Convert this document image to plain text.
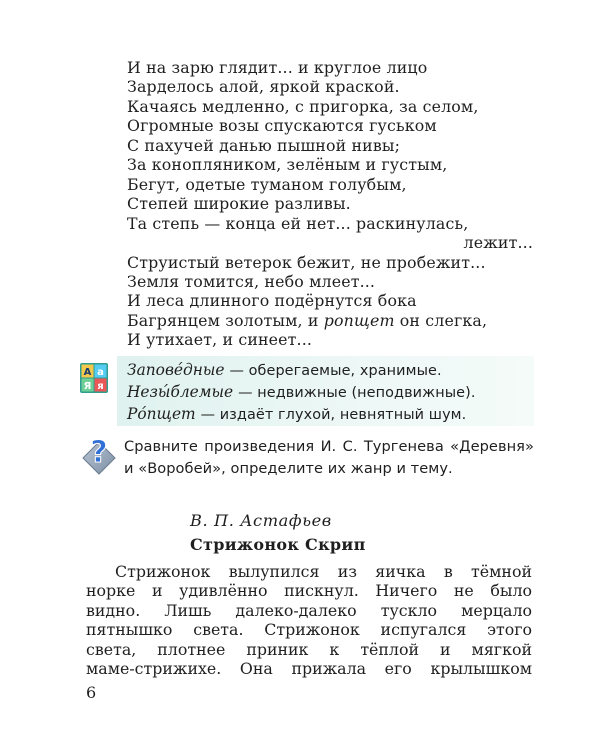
И на зарю глядит... и круглое лицо
Зарделось алой, яркой краской.
Качаясь медленно, с пригорка, за селом,
Огромные возы спускаются гуськом
С пахучей данью пышной нивы;
За конопляником, зелёным и густым,
Бегут, одетые туманом голубым,
Степей широкие разливы.
Та степь — конца ей нет... раскинулась,
лежит...
Струистый ветерок бежит, не пробежит...
Земля томится, небо млеет...
И леса длинного подёрнутся бока
Багрянцем золотым, и ропщет он слегка,
И утихает, и синеет...
А а
Я я
Запове́дные — оберегаемые, хранимые.
Незы́блемые — недвижные (неподвижные).
Ро́пщет — издаёт глухой, невнятный шум.
? Сравните произведения И. С. Тургенева «Деревня» и «Воробей», определите их жанр и тему.
В. П. Астафьев
Стрижонок Скрип
Стрижонок вылупился из яичка в тёмной
норке и удивлённо пискнул. Ничего не было
видно. Лишь далеко-далеко тускло мерцало
пятнышко света. Стрижонок испугался этого
света, плотнее приник к тёплой и мягкой
маме-стрижихе. Она прижала его крылышком
6
